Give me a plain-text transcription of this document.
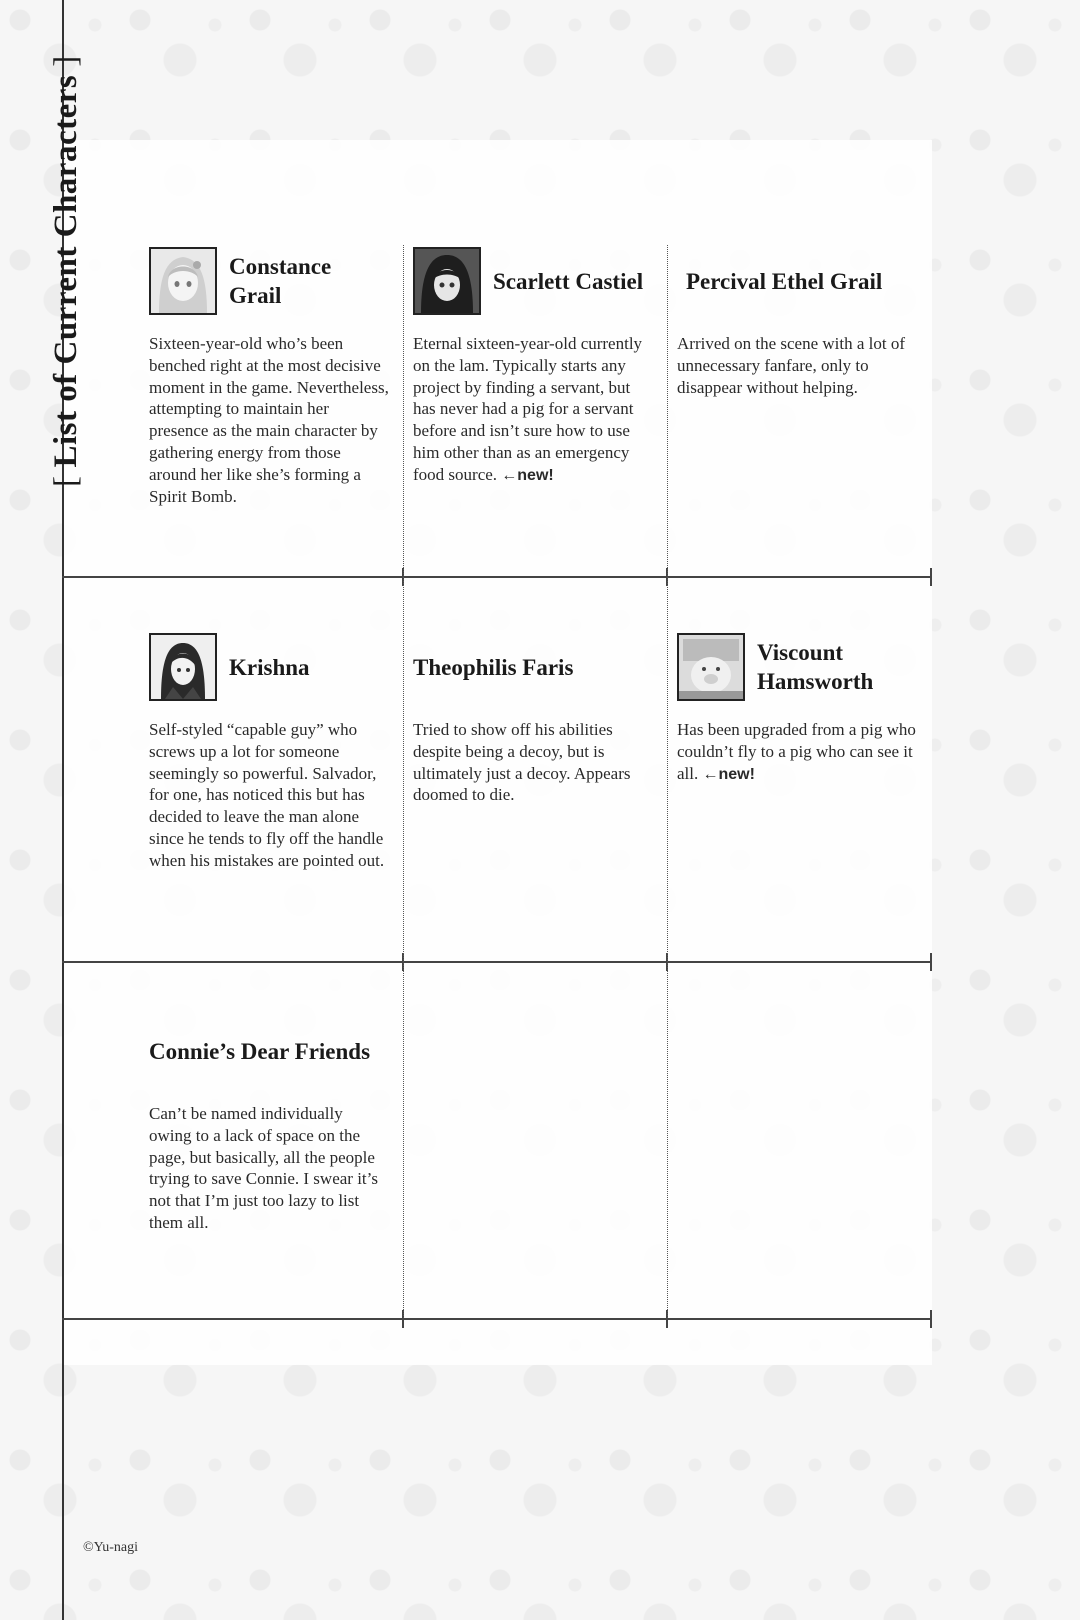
[List of Current Characters]
Constance Grail

Sixteen-year-old who’s been benched right at the most decisive moment in the game. Nevertheless, attempting to maintain her presence as the main character by gathering energy from those around her like she’s forming a Spirit Bomb.

Scarlett Castiel

Eternal sixteen-year-old currently on the lam. Typically starts any project by finding a servant, but has never had a pig for a servant before and isn’t sure how to use him other than as an emergency food source. ←new!

Percival Ethel Grail

Arrived on the scene with a lot of unnecessary fanfare, only to disappear without helping.

Krishna

Self-styled “capable guy” who screws up a lot for someone seemingly so powerful. Salvador, for one, has noticed this but has decided to leave the man alone since he tends to fly off the handle when his mistakes are pointed out.

Theophilis Faris

Tried to show off his abilities despite being a decoy, but is ultimately just a decoy. Appears doomed to die.

Viscount Hamsworth

Has been upgraded from a pig who couldn’t fly to a pig who can see it all. ←new!

Connie’s Dear Friends

Can’t be named individually owing to a lack of space on the page, but basically, all the people trying to save Connie. I swear it’s not that I’m just too lazy to list them all.

©Yu-nagi
